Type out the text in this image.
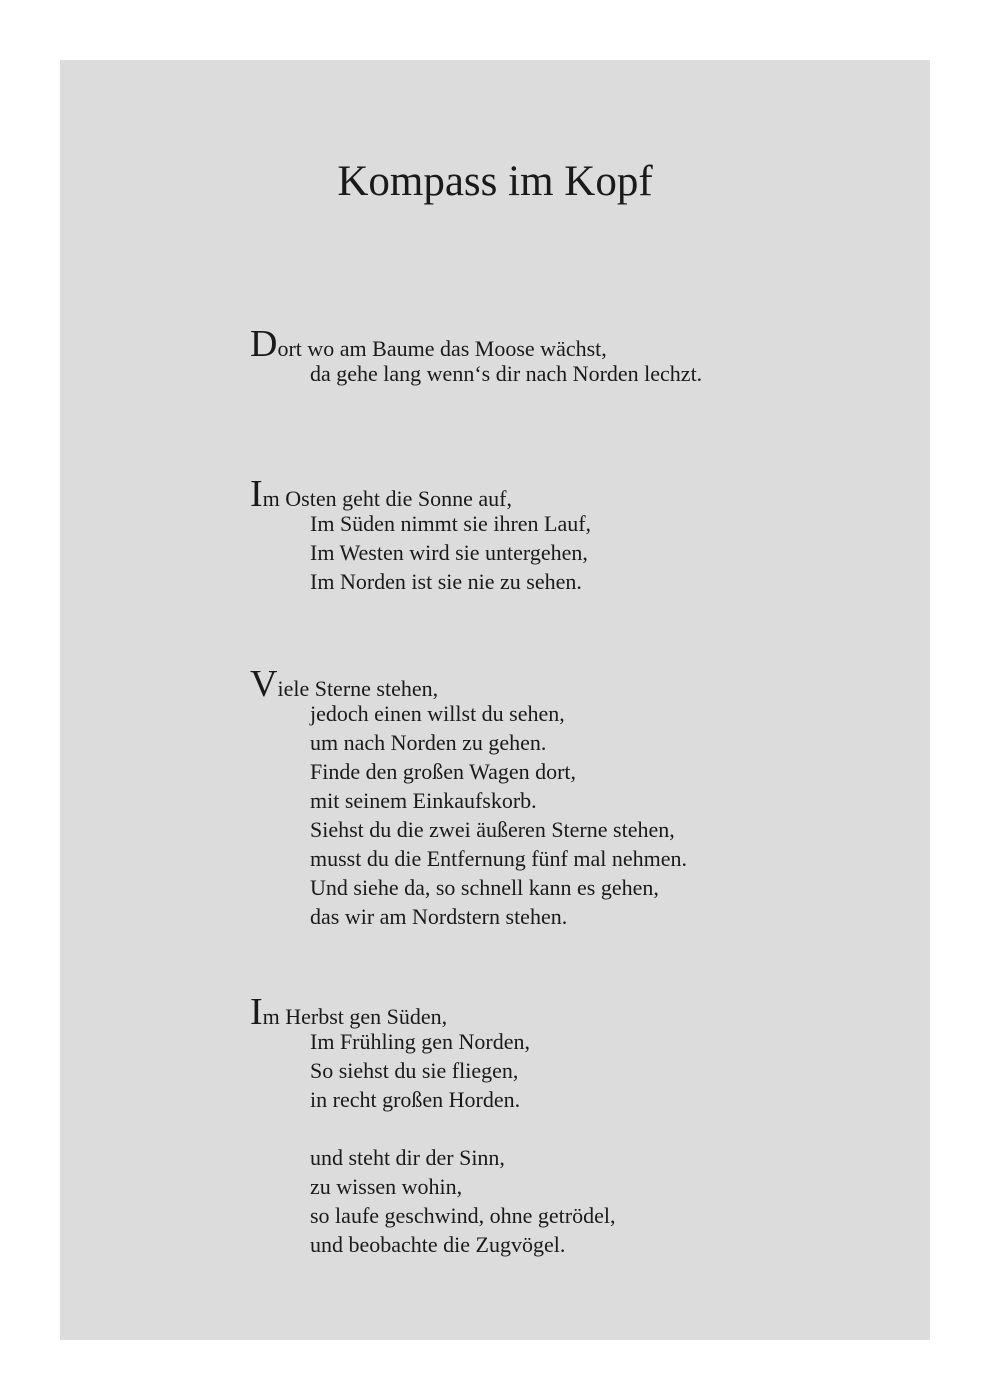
Kompass im Kopf
Dort wo am Baume das Moose wächst,
da gehe lang wenn‘s dir nach Norden lechzt.
Im Osten geht die Sonne auf,
Im Süden nimmt sie ihren Lauf,
Im Westen wird sie untergehen,
Im Norden ist sie nie zu sehen.
Viele Sterne stehen,
jedoch einen willst du sehen,
um nach Norden zu gehen.
Finde den großen Wagen dort,
mit seinem Einkaufskorb.
Siehst du die zwei äußeren Sterne stehen,
musst du die Entfernung fünf mal nehmen.
Und siehe da, so schnell kann es gehen,
das wir am Nordstern stehen.
Im Herbst gen Süden,
Im Frühling gen Norden,
So siehst du sie fliegen,
in recht großen Horden.
und steht dir der Sinn,
zu wissen wohin,
so laufe geschwind, ohne getrödel,
und beobachte die Zugvögel.
